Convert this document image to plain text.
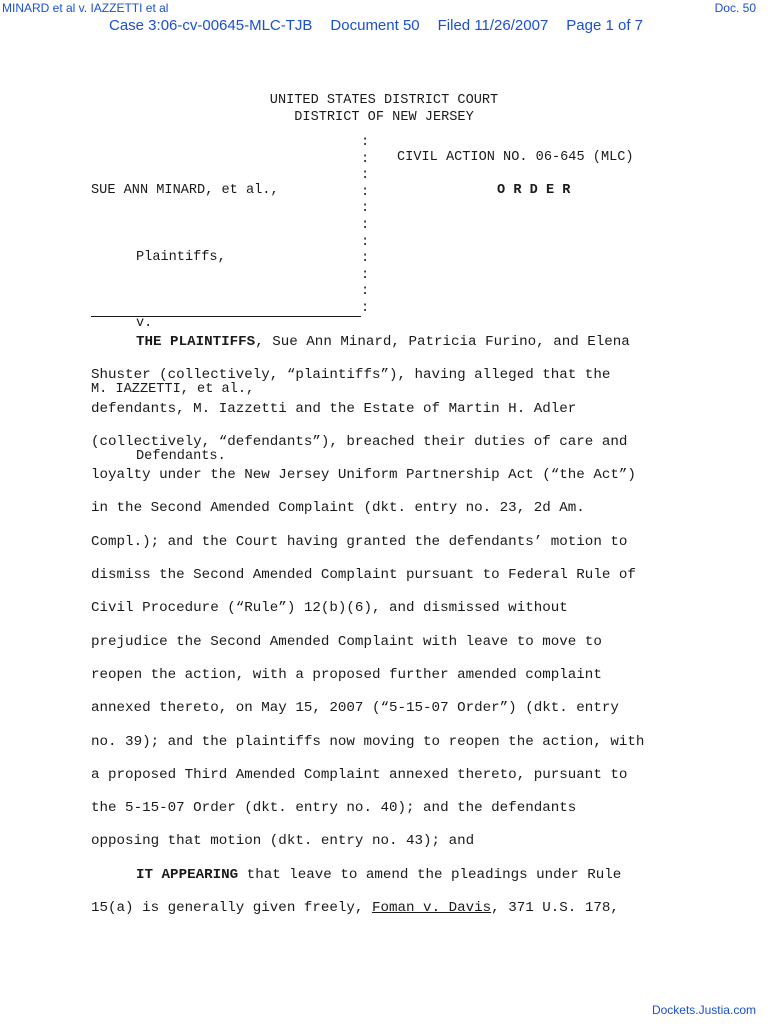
MINARD et al v. IAZZETTI et al	Doc. 50
Case 3:06-cv-00645-MLC-TJB Document 50 Filed 11/26/2007 Page 1 of 7
UNITED STATES DISTRICT COURT
DISTRICT OF NEW JERSEY

SUE ANN MINARD, et al.,

Plaintiffs,

v.

M. IAZZETTI, et al.,

Defendants.

:
:
:
:
:
:
:
:
:
:
:
CIVIL ACTION NO. 06-645 (MLC)
O R D E R
THE PLAINTIFFS, Sue Ann Minard, Patricia Furino, and Elena
Shuster (collectively, “plaintiffs”), having alleged that the
defendants, M. Iazzetti and the Estate of Martin H. Adler
(collectively, “defendants”), breached their duties of care and
loyalty under the New Jersey Uniform Partnership Act (“the Act”)
in the Second Amended Complaint (dkt. entry no. 23, 2d Am.
Compl.); and the Court having granted the defendants’ motion to
dismiss the Second Amended Complaint pursuant to Federal Rule of
Civil Procedure (“Rule”) 12(b)(6), and dismissed without
prejudice the Second Amended Complaint with leave to move to
reopen the action, with a proposed further amended complaint
annexed thereto, on May 15, 2007 (“5-15-07 Order”) (dkt. entry
no. 39); and the plaintiffs now moving to reopen the action, with
a proposed Third Amended Complaint annexed thereto, pursuant to
the 5-15-07 Order (dkt. entry no. 40); and the defendants
opposing that motion (dkt. entry no. 43); and
IT APPEARING that leave to amend the pleadings under Rule
15(a) is generally given freely, Foman v. Davis, 371 U.S. 178,
Dockets.Justia.com
